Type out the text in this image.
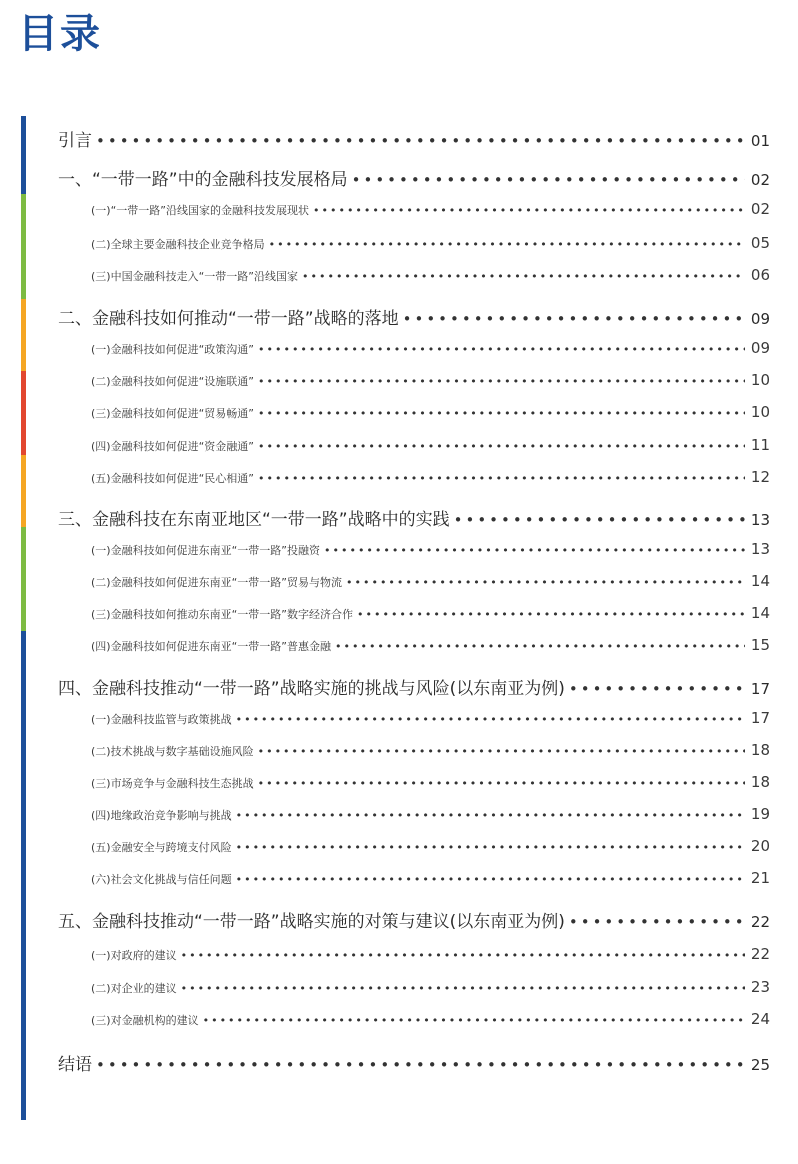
目录
引言 •••••	01
一、“一带一路”中的金融科技发展格局 •••••	02
(一)“一带一路”沿线国家的金融科技发展现状 •••••	02
(二)全球主要金融科技企业竞争格局 •••••	05
(三)中国金融科技走入“一带一路”沿线国家 •••••	06
二、金融科技如何推动“一带一路”战略的落地 •••••	09
(一)金融科技如何促进“政策沟通” •••••	09
(二)金融科技如何促进“设施联通” •••••	10
(三)金融科技如何促进“贸易畅通” •••••	10
(四)金融科技如何促进“资金融通” •••••	11
(五)金融科技如何促进“民心相通” •••••	12
三、金融科技在东南亚地区“一带一路”战略中的实践 •••••	13
(一)金融科技如何促进东南亚“一带一路”投融资 •••••	13
(二)金融科技如何促进东南亚“一带一路”贸易与物流 •••••	14
(三)金融科技如何推动东南亚“一带一路”数字经济合作 •••••	14
(四)金融科技如何促进东南亚“一带一路”普惠金融 •••••	15
四、金融科技推动“一带一路”战略实施的挑战与风险(以东南亚为例) •••••	17
(一)金融科技监管与政策挑战 •••••	17
(二)技术挑战与数字基础设施风险 •••••	18
(三)市场竞争与金融科技生态挑战 •••••	18
(四)地缘政治竞争影响与挑战 •••••	19
(五)金融安全与跨境支付风险 •••••	20
(六)社会文化挑战与信任问题 •••••	21
五、金融科技推动“一带一路”战略实施的对策与建议(以东南亚为例) •••••	22
(一)对政府的建议 •••••	22
(二)对企业的建议 •••••	23
(三)对金融机构的建议 •••••	24
结语 •••••	25
